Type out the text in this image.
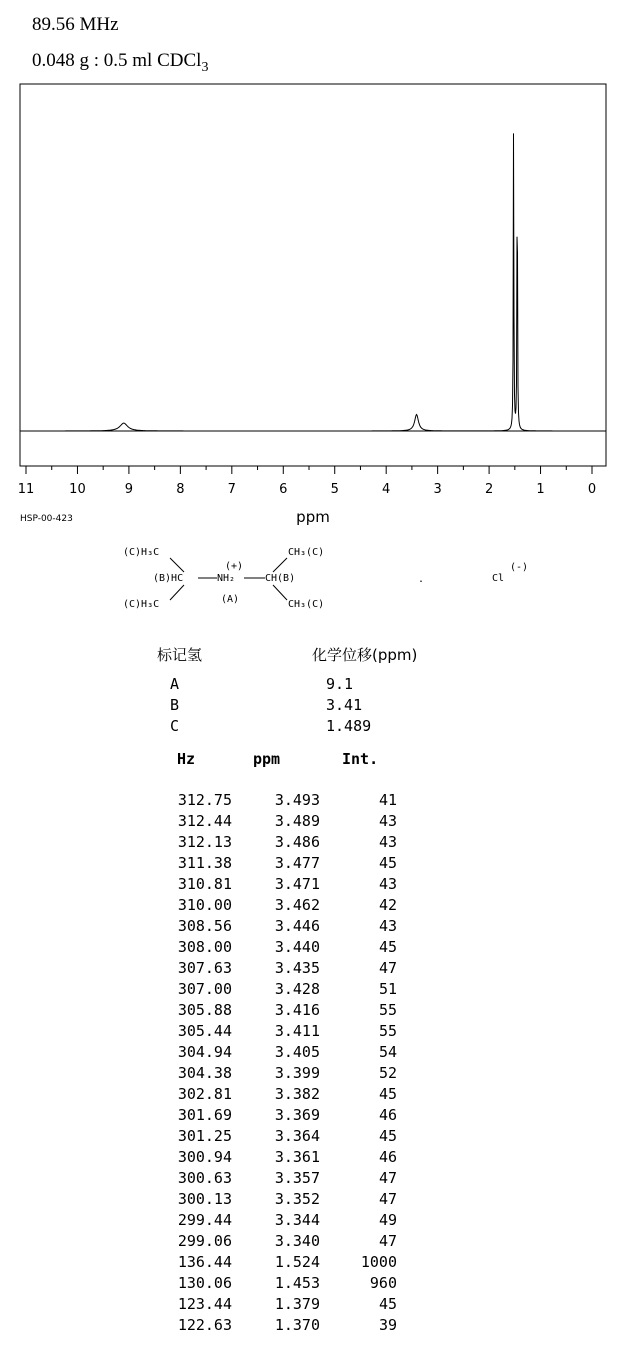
89.56 MHz
0.048 g : 0.5 ml CDCl$_3$
11	10	9	8	7	6	5	4	3	2	1	0
ppm
HSP-00-423
(C)H₃C
(B)HC
(C)H₃C
NH₂
(+)
(A)
CH(B)
CH₃(C)
CH₃(C)
.	Cl
(-)
标记氢	化学位移(ppm)
A	9.1
B	3.41
C	1.489
Hz	ppm	Int.
312.75	3.493	41
312.44	3.489	43
312.13	3.486	43
311.38	3.477	45
310.81	3.471	43
310.00	3.462	42
308.56	3.446	43
308.00	3.440	45
307.63	3.435	47
307.00	3.428	51
305.88	3.416	55
305.44	3.411	55
304.94	3.405	54
304.38	3.399	52
302.81	3.382	45
301.69	3.369	46
301.25	3.364	45
300.94	3.361	46
300.63	3.357	47
300.13	3.352	47
299.44	3.344	49
299.06	3.340	47
136.44	1.524	1000
130.06	1.453	960
123.44	1.379	45
122.63	1.370	39
